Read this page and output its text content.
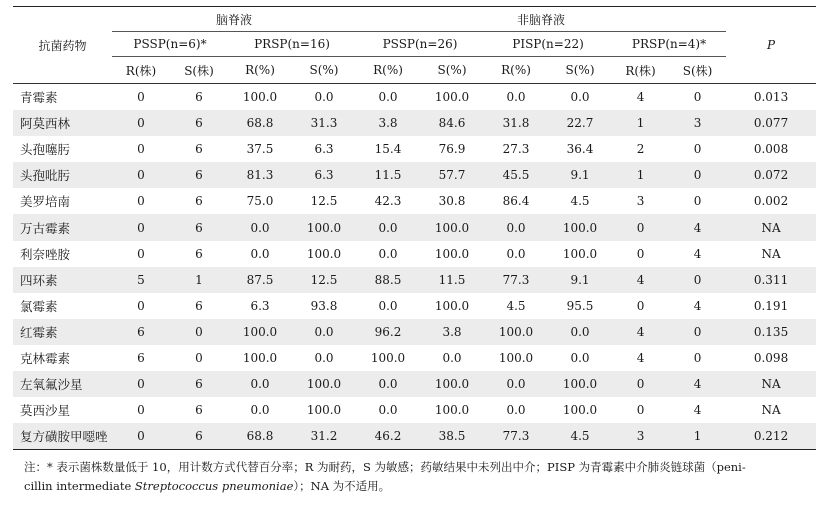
抗菌药物	脑脊液				非脑脊液						P
	PSSP(n=6)*		PRSP(n=16)		PSSP(n=26)		PISP(n=22)		PRSP(n=4)*		
	R(株)	S(株)	R(%)	S(%)	R(%)	S(%)	R(%)	S(%)	R(株)	S(株)	
青霉素	0	6	100.0	0.0	0.0	100.0	0.0	0.0	4	0	0.013
阿莫西林	0	6	68.8	31.3	3.8	84.6	31.8	22.7	1	3	0.077
头孢噻肟	0	6	37.5	6.3	15.4	76.9	27.3	36.4	2	0	0.008
头孢吡肟	0	6	81.3	6.3	11.5	57.7	45.5	9.1	1	0	0.072
美罗培南	0	6	75.0	12.5	42.3	30.8	86.4	4.5	3	0	0.002
万古霉素	0	6	0.0	100.0	0.0	100.0	0.0	100.0	0	4	NA
利奈唑胺	0	6	0.0	100.0	0.0	100.0	0.0	100.0	0	4	NA
四环素	5	1	87.5	12.5	88.5	11.5	77.3	9.1	4	0	0.311
氯霉素	0	6	6.3	93.8	0.0	100.0	4.5	95.5	0	4	0.191
红霉素	6	0	100.0	0.0	96.2	3.8	100.0	0.0	4	0	0.135
克林霉素	6	0	100.0	0.0	100.0	0.0	100.0	0.0	4	0	0.098
左氧氟沙星	0	6	0.0	100.0	0.0	100.0	0.0	100.0	0	4	NA
莫西沙星	0	6	0.0	100.0	0.0	100.0	0.0	100.0	0	4	NA
复方磺胺甲噁唑	0	6	68.8	31.2	46.2	38.5	77.3	4.5	3	1	0.212
注：* 表示菌株数量低于 10，用计数方式代替百分率；R 为耐药，S 为敏感；药敏结果中未列出中介；PISP 为青霉素中介肺炎链球菌（peni-
cillin intermediate Streptococcus pneumoniae）；NA 为不适用。
